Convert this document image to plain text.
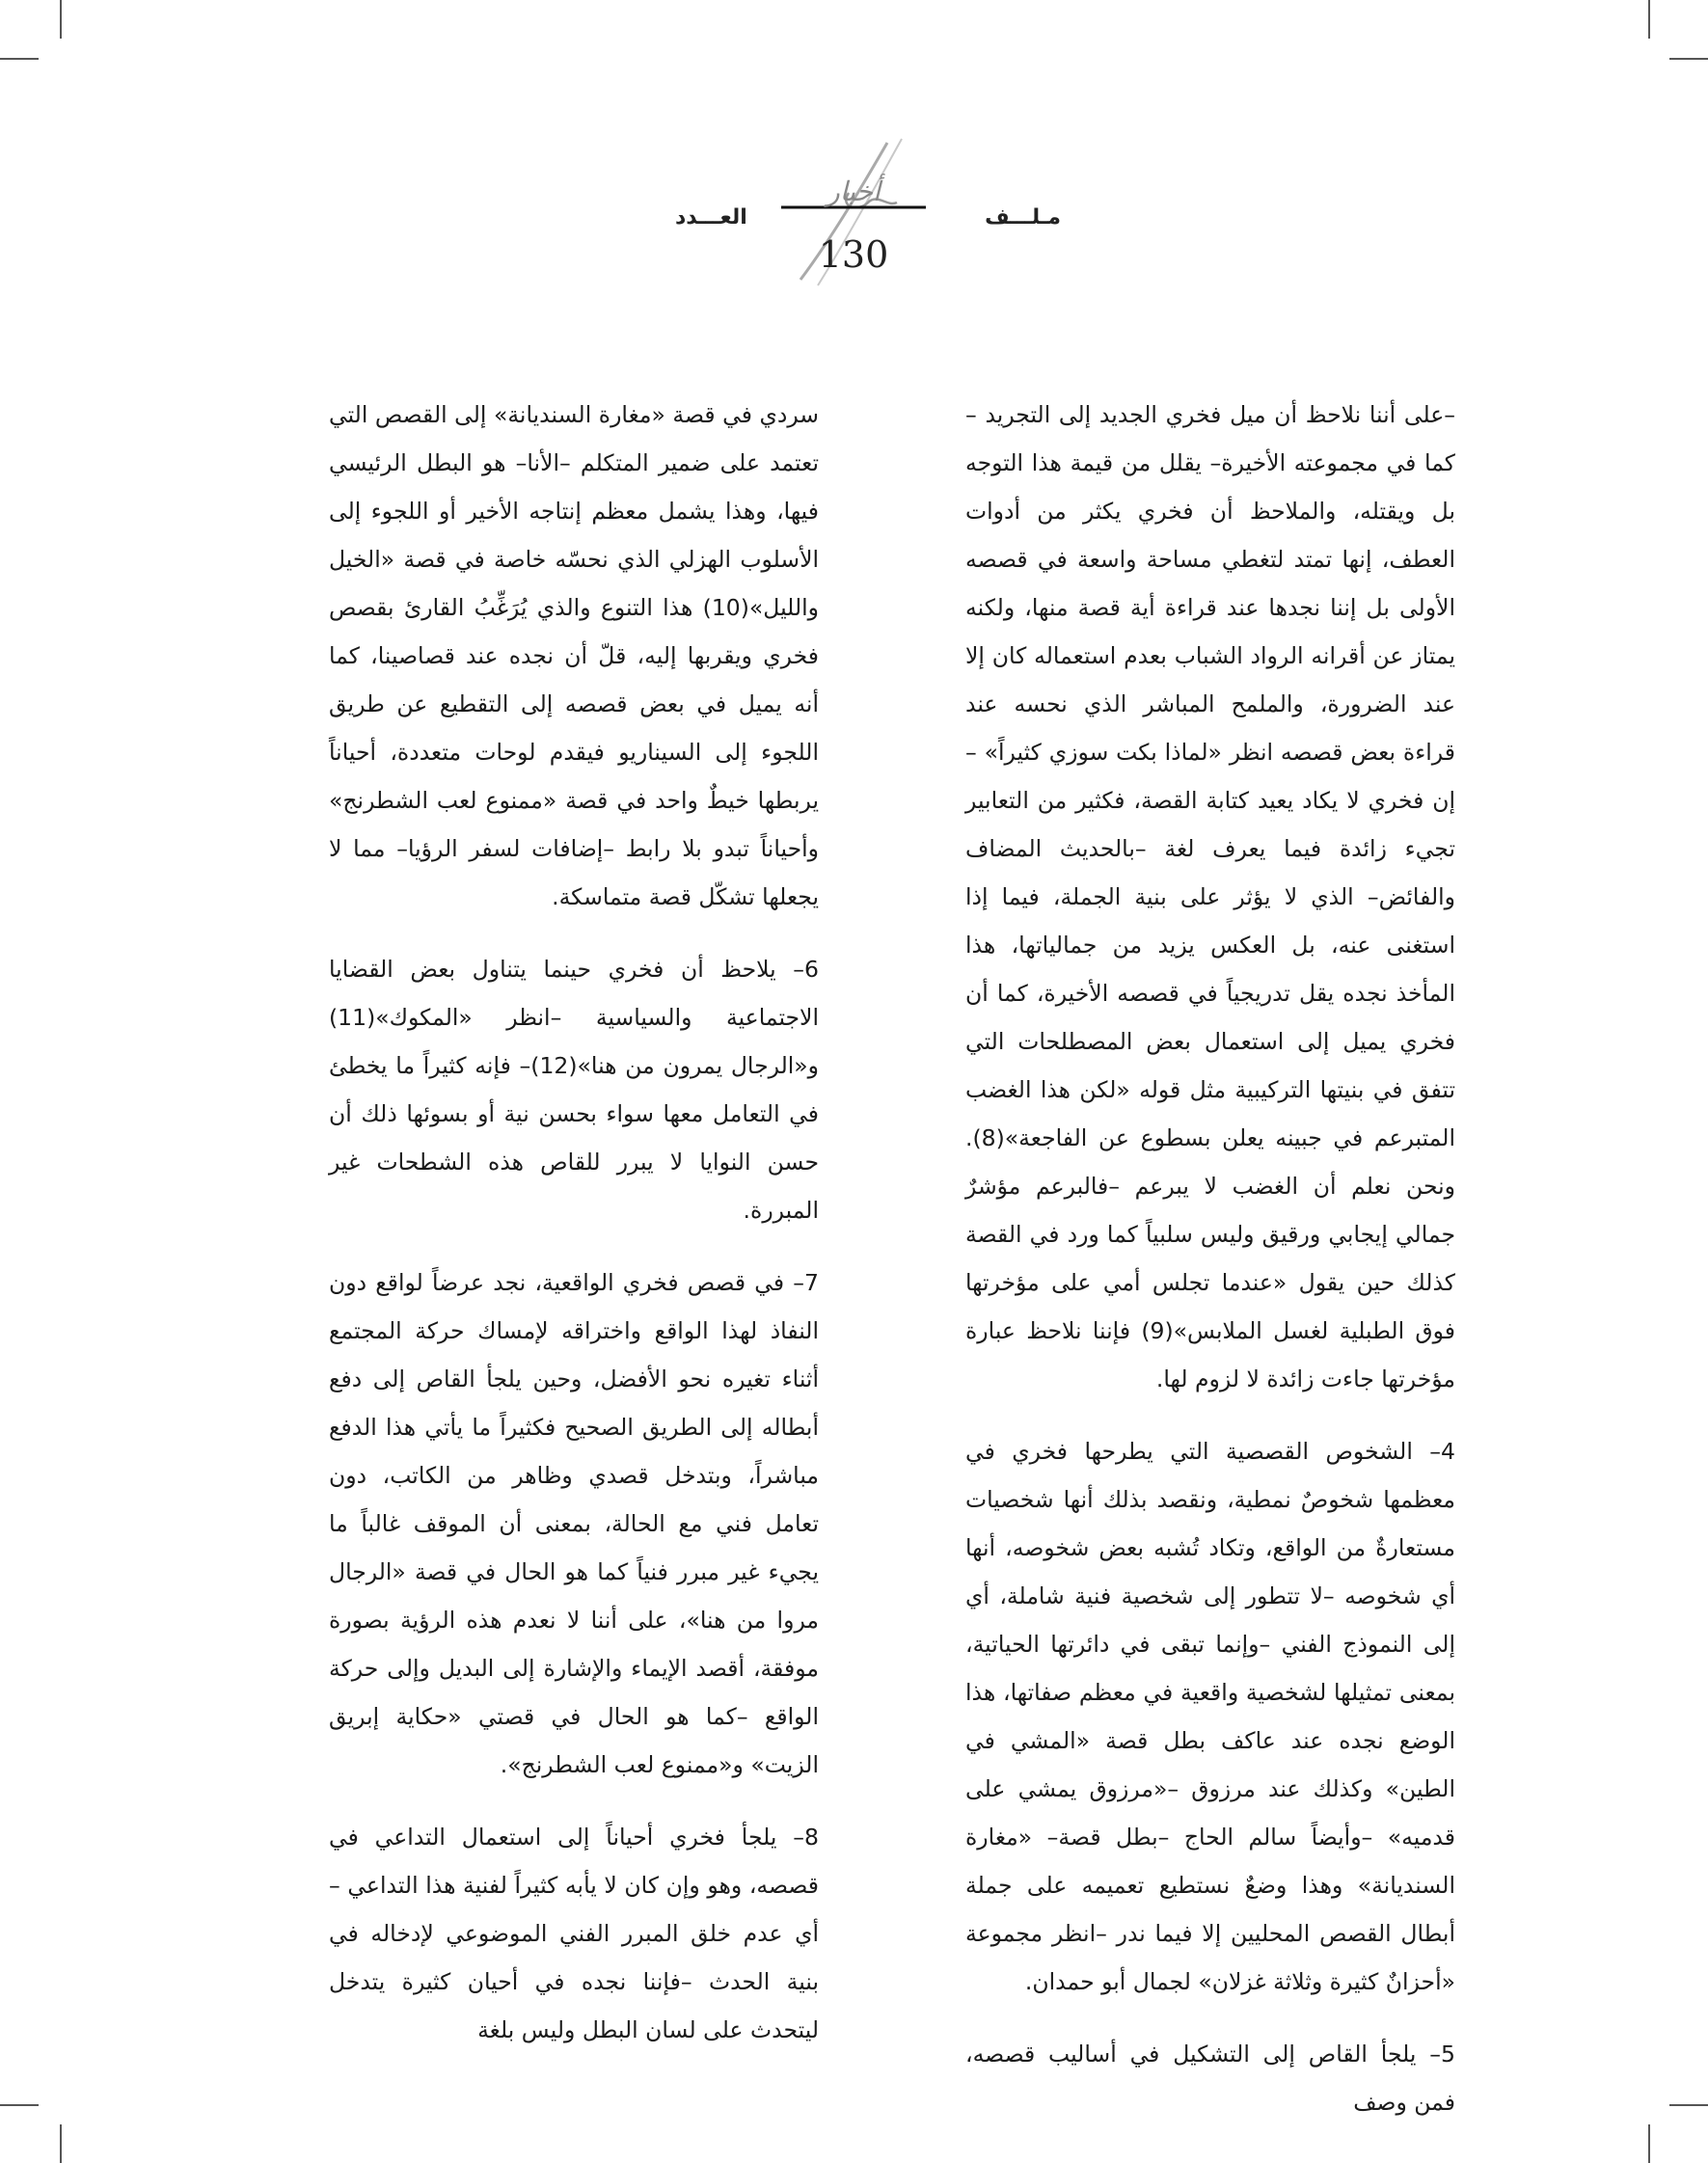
أخبار
العـــدد	مـلـــف
130

–على أننا نلاحظ أن ميل فخري الجديد إلى التجريد –كما في مجموعته الأخيرة– يقلل من قيمة هذا التوجه بل ويقتله، والملاحظ أن فخري يكثر من أدوات العطف، إنها تمتد لتغطي مساحة واسعة في قصصه الأولى بل إننا نجدها عند قراءة أية قصة منها، ولكنه يمتاز عن أقرانه الرواد الشباب بعدم استعماله كان إلا عند الضرورة، والملمح المباشر الذي نحسه عند قراءة بعض قصصه انظر «لماذا بكت سوزي كثيراً» –إن فخري لا يكاد يعيد كتابة القصة، فكثير من التعابير تجيء زائدة فيما يعرف لغة –بالحديث المضاف والفائض– الذي لا يؤثر على بنية الجملة، فيما إذا استغنى عنه، بل العكس يزيد من جمالياتها، هذا المأخذ نجده يقل تدريجياً في قصصه الأخيرة، كما أن فخري يميل إلى استعمال بعض المصطلحات التي تتفق في بنيتها التركيبية مثل قوله «لكن هذا الغضب المتبرعم في جبينه يعلن بسطوع عن الفاجعة»(8). ونحن نعلم أن الغضب لا يبرعم –فالبرعم مؤشرٌ جمالي إيجابي ورقيق وليس سلبياً كما ورد في القصة كذلك حين يقول «عندما تجلس أمي على مؤخرتها فوق الطبلية لغسل الملابس»(9) فإننا نلاحظ عبارة مؤخرتها جاءت زائدة لا لزوم لها.

4– الشخوص القصصية التي يطرحها فخري في معظمها شخوصٌ نمطية، ونقصد بذلك أنها شخصيات مستعارةٌ من الواقع، وتكاد تُشبه بعض شخوصه، أنها أي شخوصه –لا تتطور إلى شخصية فنية شاملة، أي إلى النموذج الفني –وإنما تبقى في دائرتها الحياتية، بمعنى تمثيلها لشخصية واقعية في معظم صفاتها، هذا الوضع نجده عند عاكف بطل قصة «المشي في الطين» وكذلك عند مرزوق –«مرزوق يمشي على قدميه» –وأيضاً سالم الحاج –بطل قصة– «مغارة السنديانة» وهذا وضعٌ نستطيع تعميمه على جملة أبطال القصص المحليين إلا فيما ندر –انظر مجموعة «أحزانٌ كثيرة وثلاثة غزلان» لجمال أبو حمدان.

5– يلجأ القاص إلى التشكيل في أساليب قصصه، فمن وصف

سردي في قصة «مغارة السنديانة» إلى القصص التي تعتمد على ضمير المتكلم –الأنا– هو البطل الرئيسي فيها، وهذا يشمل معظم إنتاجه الأخير أو اللجوء إلى الأسلوب الهزلي الذي نحسّه خاصة في قصة «الخيل والليل»(10) هذا التنوع والذي يُرَغِّبُ القارئ بقصص فخري ويقربها إليه، قلّ أن نجده عند قصاصينا، كما أنه يميل في بعض قصصه إلى التقطيع عن طريق اللجوء إلى السيناريو فيقدم لوحات متعددة، أحياناً يربطها خيطٌ واحد في قصة «ممنوع لعب الشطرنج» وأحياناً تبدو بلا رابط –إضافات لسفر الرؤيا– مما لا يجعلها تشكّل قصة متماسكة.

6– يلاحظ أن فخري حينما يتناول بعض القضايا الاجتماعية والسياسية –انظر «المكوك»(11) و«الرجال يمرون من هنا»(12)– فإنه كثيراً ما يخطئ في التعامل معها سواء بحسن نية أو بسوئها ذلك أن حسن النوايا لا يبرر للقاص هذه الشطحات غير المبررة.

7– في قصص فخري الواقعية، نجد عرضاً لواقع دون النفاذ لهذا الواقع واختراقه لإمساك حركة المجتمع أثناء تغيره نحو الأفضل، وحين يلجأ القاص إلى دفع أبطاله إلى الطريق الصحيح فكثيراً ما يأتي هذا الدفع مباشراً، وبتدخل قصدي وظاهر من الكاتب، دون تعامل فني مع الحالة، بمعنى أن الموقف غالباً ما يجيء غير مبرر فنياً كما هو الحال في قصة «الرجال مروا من هنا»، على أننا لا نعدم هذه الرؤية بصورة موفقة، أقصد الإيماء والإشارة إلى البديل وإلى حركة الواقع –كما هو الحال في قصتي «حكاية إبريق الزيت» و«ممنوع لعب الشطرنج».

8– يلجأ فخري أحياناً إلى استعمال التداعي في قصصه، وهو وإن كان لا يأبه كثيراً لفنية هذا التداعي –أي عدم خلق المبرر الفني الموضوعي لإدخاله في بنية الحدث –فإننا نجده في أحيان كثيرة يتدخل ليتحدث على لسان البطل وليس بلغة
